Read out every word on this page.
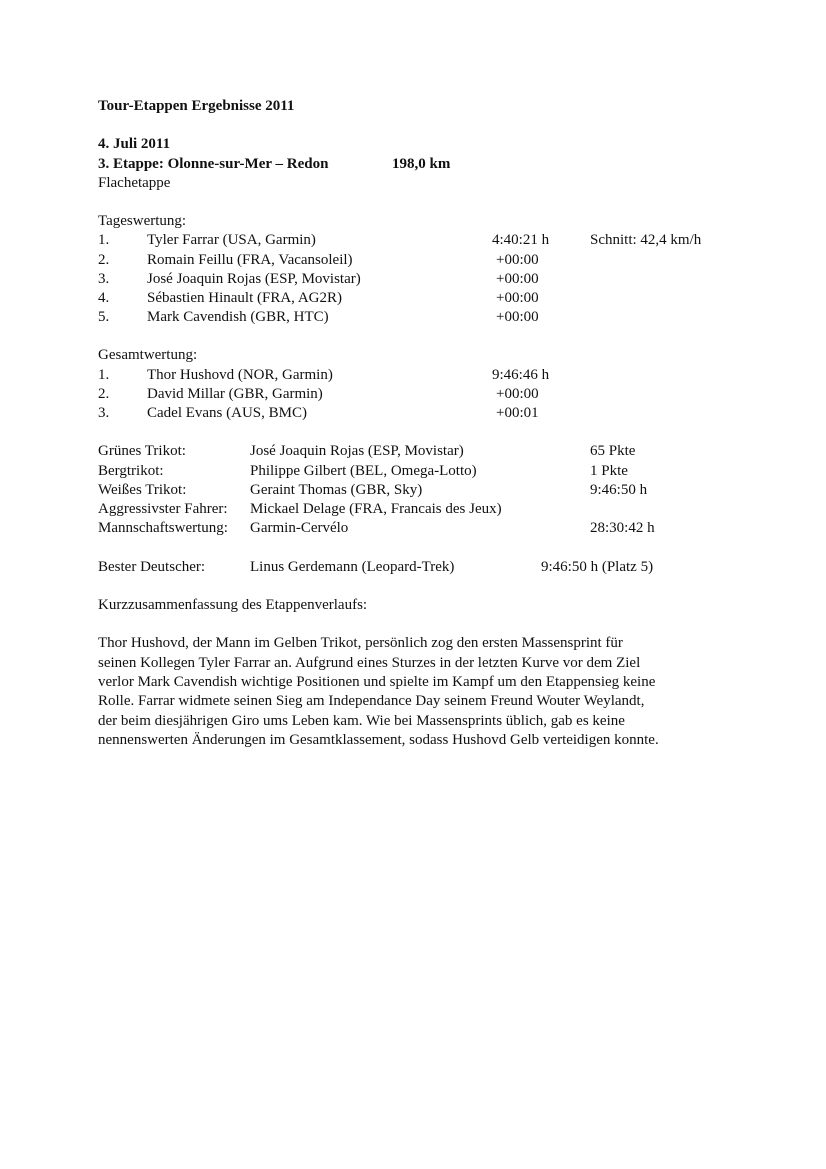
Tour-Etappen Ergebnisse 2011
4. Juli 2011
3. Etappe: Olonne-sur-Mer – Redon	198,0 km
Flachetappe
Tageswertung:
1.	Tyler Farrar (USA, Garmin)	4:40:21 h	Schnitt: 42,4 km/h
2.	Romain Feillu (FRA, Vacansoleil)	+00:00
3.	José Joaquin Rojas (ESP, Movistar)	+00:00
4.	Sébastien Hinault (FRA, AG2R)	+00:00
5.	Mark Cavendish (GBR, HTC)	+00:00
Gesamtwertung:
1.	Thor Hushovd (NOR, Garmin)	9:46:46 h
2.	David Millar (GBR, Garmin)	+00:00
3.	Cadel Evans (AUS, BMC)	+00:01
Grünes Trikot:	José Joaquin Rojas (ESP, Movistar)	65 Pkte
Bergtrikot:	Philippe Gilbert (BEL, Omega-Lotto)	1 Pkte
Weißes Trikot:	Geraint Thomas (GBR, Sky)	9:46:50 h
Aggressivster Fahrer: Mickael Delage (FRA, Francais des Jeux)
Mannschaftswertung: Garmin-Cervélo	28:30:42 h
Bester Deutscher:	Linus Gerdemann (Leopard-Trek)	9:46:50 h (Platz 5)
Kurzzusammenfassung des Etappenverlaufs:
Thor Hushovd, der Mann im Gelben Trikot, persönlich zog den ersten Massensprint für
seinen Kollegen Tyler Farrar an. Aufgrund eines Sturzes in der letzten Kurve vor dem Ziel
verlor Mark Cavendish wichtige Positionen und spielte im Kampf um den Etappensieg keine
Rolle. Farrar widmete seinen Sieg am Independance Day seinem Freund Wouter Weylandt,
der beim diesjährigen Giro ums Leben kam. Wie bei Massensprints üblich, gab es keine
nennenswerten Änderungen im Gesamtklassement, sodass Hushovd Gelb verteidigen konnte.
